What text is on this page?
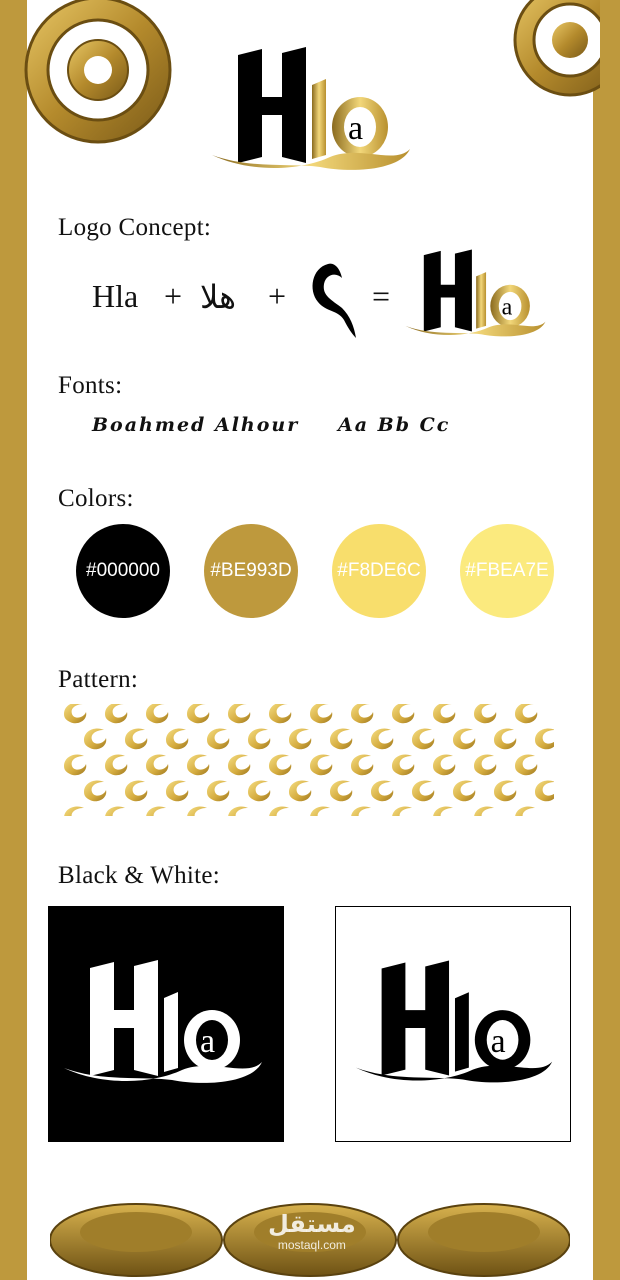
a
Logo Concept:
Hla + هلا +	=	a
Fonts:
Boahmed Alhour Aa Bb Cc
Colors:
#000000	#BE993D #F8DE6C #FBEA7E
Pattern:
Black & White:
a	a
مستقل
mostaql.com
